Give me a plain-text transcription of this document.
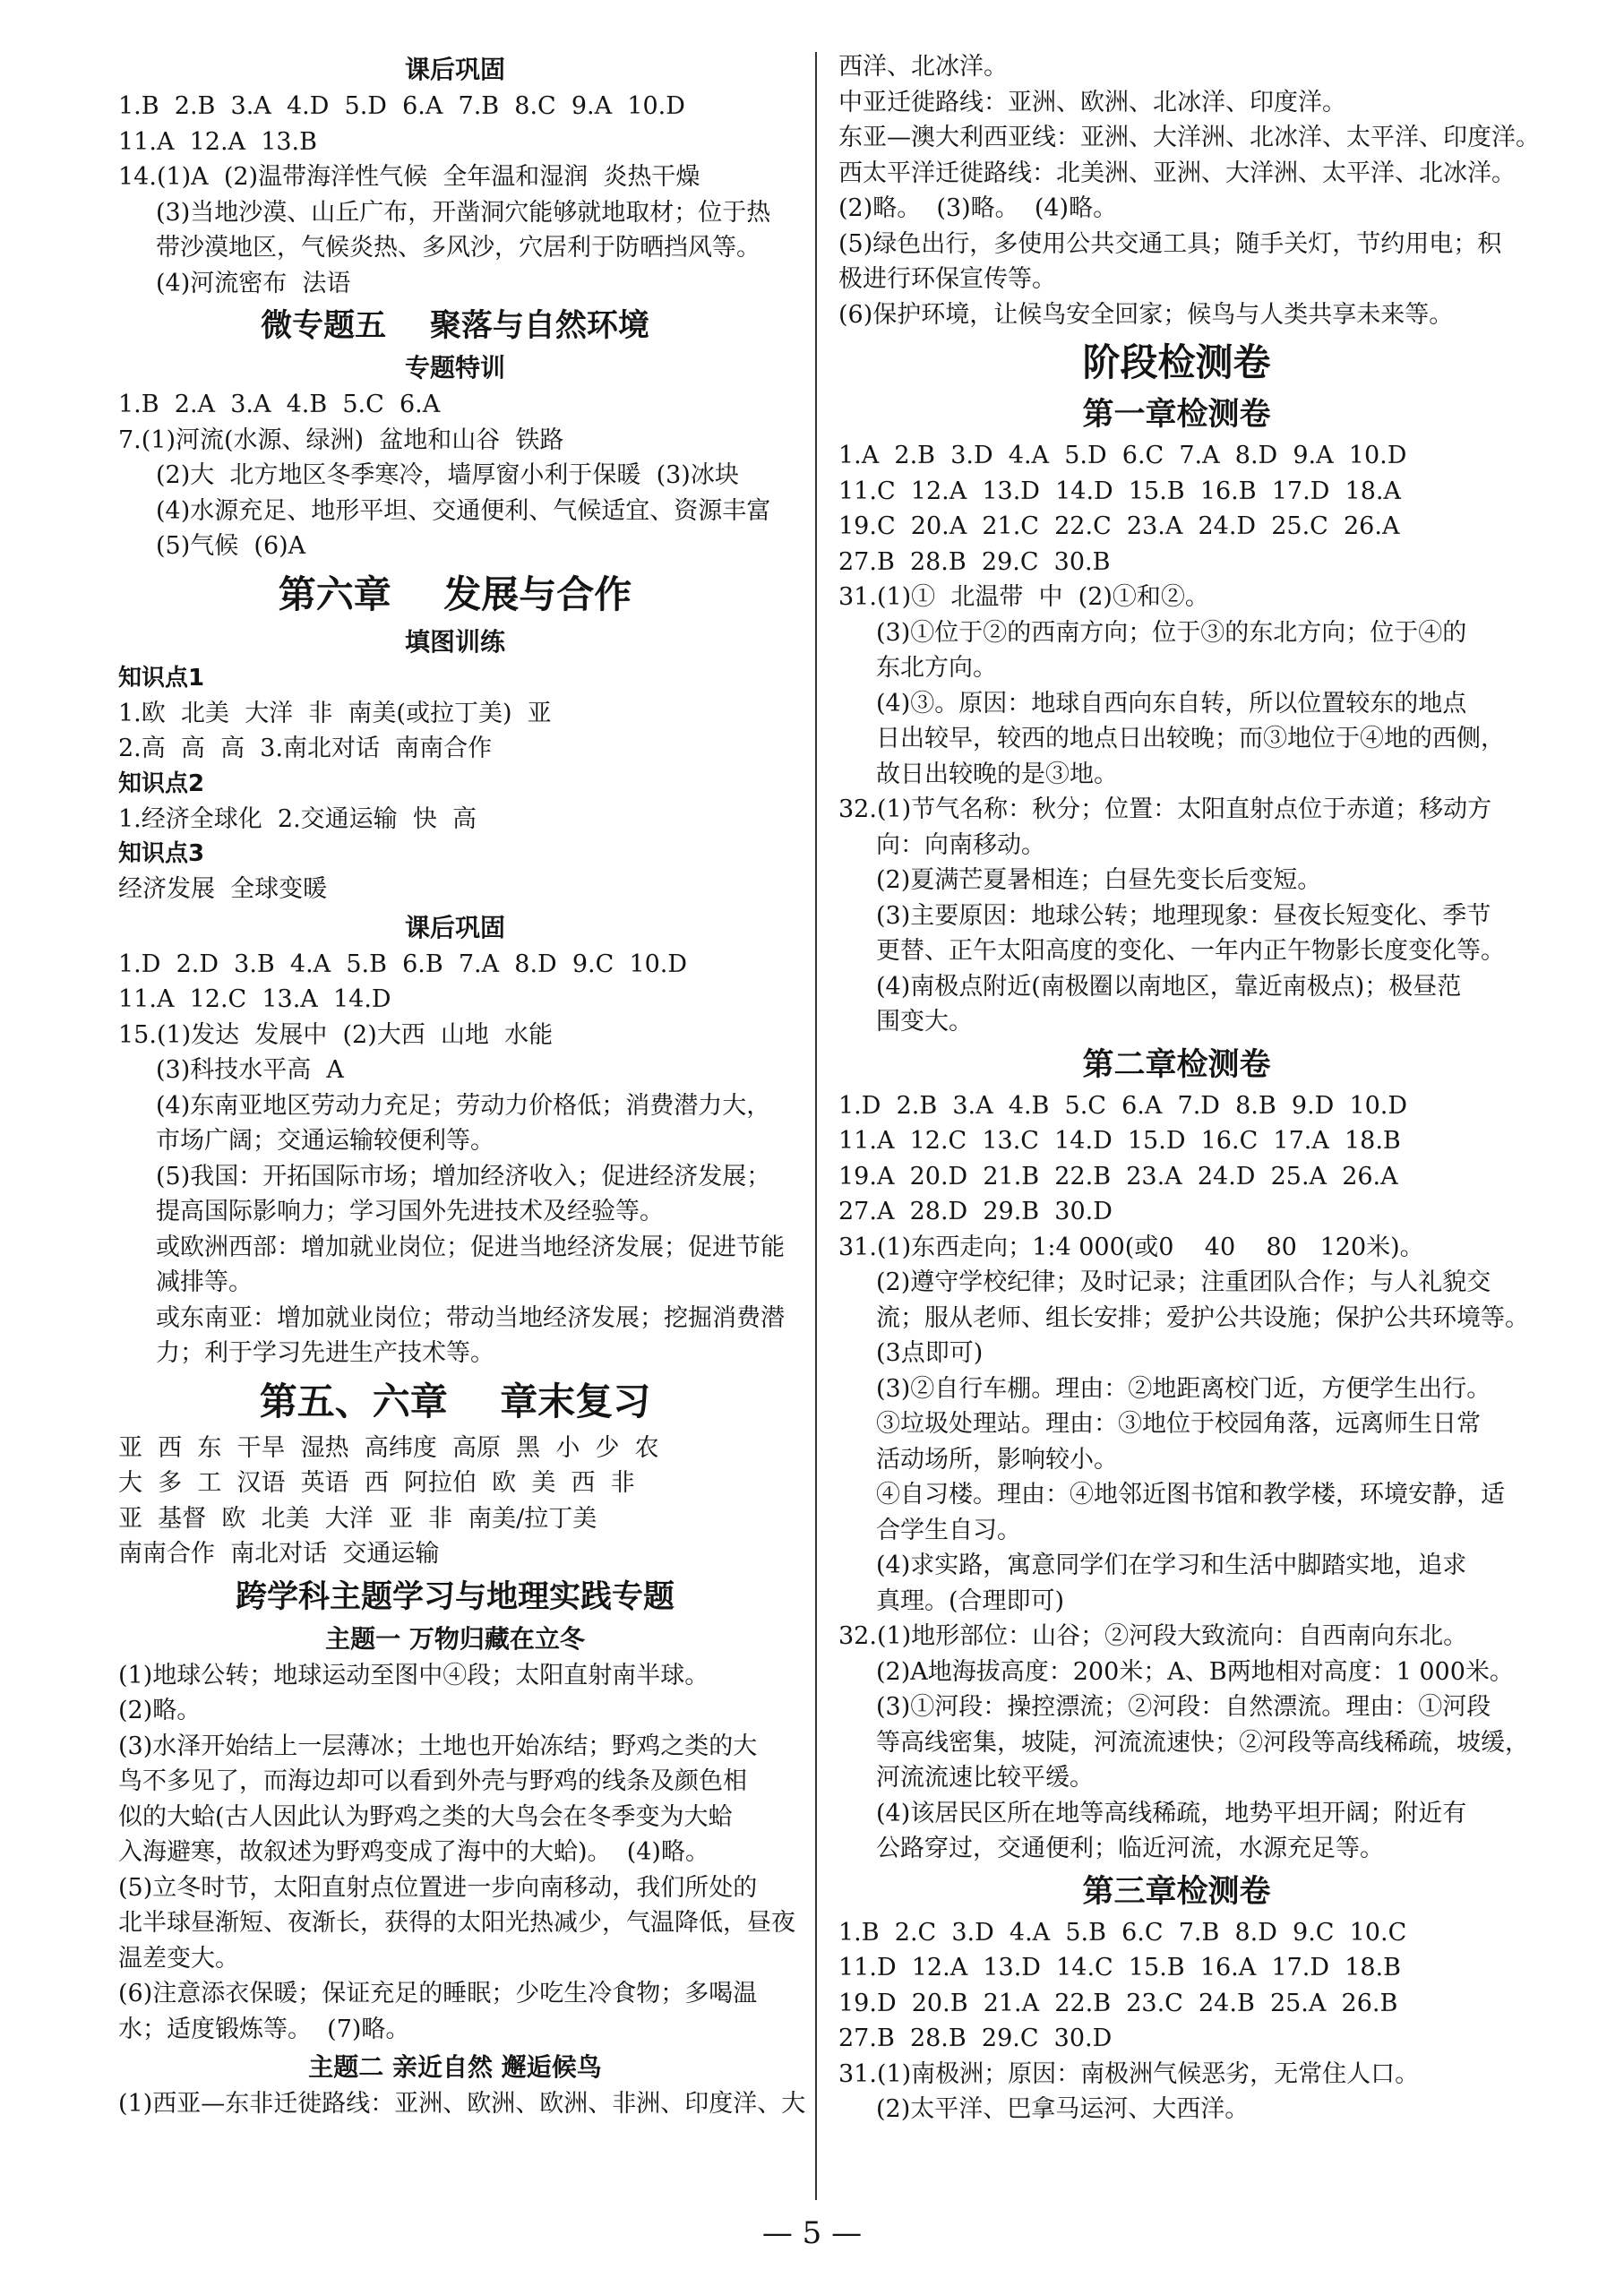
课后巩固
1.B  2.B  3.A  4.D  5.D  6.A  7.B  8.C  9.A  10.D
11.A  12.A  13.B
14.(1)A  (2)温带海洋性气候  全年温和湿润  炎热干燥
(3)当地沙漠、山丘广布，开凿洞穴能够就地取材；位于热
带沙漠地区，气候炎热、多风沙，穴居利于防晒挡风等。
(4)河流密布  法语
微专题五    聚落与自然环境
专题特训
1.B  2.A  3.A  4.B  5.C  6.A
7.(1)河流(水源、绿洲)  盆地和山谷  铁路
(2)大  北方地区冬季寒冷，墙厚窗小利于保暖  (3)冰块
(4)水源充足、地形平坦、交通便利、气候适宜、资源丰富
(5)气候  (6)A
第六章    发展与合作
填图训练
知识点1
1.欧  北美  大洋  非  南美(或拉丁美)  亚
2.高  高  高  3.南北对话  南南合作
知识点2
1.经济全球化  2.交通运输  快  高
知识点3
经济发展  全球变暖
课后巩固
1.D  2.D  3.B  4.A  5.B  6.B  7.A  8.D  9.C  10.D
11.A  12.C  13.A  14.D
15.(1)发达  发展中  (2)大西  山地  水能
(3)科技水平高  A
(4)东南亚地区劳动力充足；劳动力价格低；消费潜力大，
市场广阔；交通运输较便利等。
(5)我国：开拓国际市场；增加经济收入；促进经济发展；
提高国际影响力；学习国外先进技术及经验等。
或欧洲西部：增加就业岗位；促进当地经济发展；促进节能
减排等。
或东南亚：增加就业岗位；带动当地经济发展；挖掘消费潜
力；利于学习先进生产技术等。
第五、六章    章末复习
亚  西  东  干旱  湿热  高纬度  高原  黑  小  少  农
大  多  工  汉语  英语  西  阿拉伯  欧  美  西  非
亚  基督  欧  北美  大洋  亚  非  南美/拉丁美
南南合作  南北对话  交通运输
跨学科主题学习与地理实践专题
主题一 万物归藏在立冬
(1)地球公转；地球运动至图中④段；太阳直射南半球。
(2)略。
(3)水泽开始结上一层薄冰；土地也开始冻结；野鸡之类的大
鸟不多见了，而海边却可以看到外壳与野鸡的线条及颜色相
似的大蛤(古人因此认为野鸡之类的大鸟会在冬季变为大蛤
入海避寒，故叙述为野鸡变成了海中的大蛤)。  (4)略。
(5)立冬时节，太阳直射点位置进一步向南移动，我们所处的
北半球昼渐短、夜渐长，获得的太阳光热减少，气温降低，昼夜
温差变大。
(6)注意添衣保暖；保证充足的睡眠；少吃生冷食物；多喝温
水；适度锻炼等。  (7)略。
主题二 亲近自然 邂逅候鸟
(1)西亚—东非迁徙路线：亚洲、欧洲、欧洲、非洲、印度洋、大
西洋、北冰洋。
中亚迁徙路线：亚洲、欧洲、北冰洋、印度洋。
东亚—澳大利西亚线：亚洲、大洋洲、北冰洋、太平洋、印度洋。
西太平洋迁徙路线：北美洲、亚洲、大洋洲、太平洋、北冰洋。
(2)略。  (3)略。  (4)略。
(5)绿色出行，多使用公共交通工具；随手关灯，节约用电；积
极进行环保宣传等。
(6)保护环境，让候鸟安全回家；候鸟与人类共享未来等。
阶段检测卷
第一章检测卷
1.A  2.B  3.D  4.A  5.D  6.C  7.A  8.D  9.A  10.D
11.C  12.A  13.D  14.D  15.B  16.B  17.D  18.A
19.C  20.A  21.C  22.C  23.A  24.D  25.C  26.A
27.B  28.B  29.C  30.B
31.(1)①  北温带  中  (2)①和②。
(3)①位于②的西南方向；位于③的东北方向；位于④的
东北方向。
(4)③。原因：地球自西向东自转，所以位置较东的地点
日出较早，较西的地点日出较晚；而③地位于④地的西侧，
故日出较晚的是③地。
32.(1)节气名称：秋分；位置：太阳直射点位于赤道；移动方
向：向南移动。
(2)夏满芒夏暑相连；白昼先变长后变短。
(3)主要原因：地球公转；地理现象：昼夜长短变化、季节
更替、正午太阳高度的变化、一年内正午物影长度变化等。
(4)南极点附近(南极圈以南地区，靠近南极点)；极昼范
围变大。
第二章检测卷
1.D  2.B  3.A  4.B  5.C  6.A  7.D  8.B  9.D  10.D
11.A  12.C  13.C  14.D  15.D  16.C  17.A  18.B
19.A  20.D  21.B  22.B  23.A  24.D  25.A  26.A
27.A  28.D  29.B  30.D
31.(1)东西走向；1:4 000(或0    40    80   120米)。
(2)遵守学校纪律；及时记录；注重团队合作；与人礼貌交
流；服从老师、组长安排；爱护公共设施；保护公共环境等。
(3点即可)
(3)②自行车棚。理由：②地距离校门近，方便学生出行。
③垃圾处理站。理由：③地位于校园角落，远离师生日常
活动场所，影响较小。
④自习楼。理由：④地邻近图书馆和教学楼，环境安静，适
合学生自习。
(4)求实路，寓意同学们在学习和生活中脚踏实地，追求
真理。(合理即可)
32.(1)地形部位：山谷；②河段大致流向：自西南向东北。
(2)A地海拔高度：200米；A、B两地相对高度：1 000米。
(3)①河段：操控漂流；②河段：自然漂流。理由：①河段
等高线密集，坡陡，河流流速快；②河段等高线稀疏，坡缓，
河流流速比较平缓。
(4)该居民区所在地等高线稀疏，地势平坦开阔；附近有
公路穿过，交通便利；临近河流，水源充足等。
第三章检测卷
1.B  2.C  3.D  4.A  5.B  6.C  7.B  8.D  9.C  10.C
11.D  12.A  13.D  14.C  15.B  16.A  17.D  18.B
19.D  20.B  21.A  22.B  23.C  24.B  25.A  26.B
27.B  28.B  29.C  30.D
31.(1)南极洲；原因：南极洲气候恶劣，无常住人口。
(2)太平洋、巴拿马运河、大西洋。
— 5 —
